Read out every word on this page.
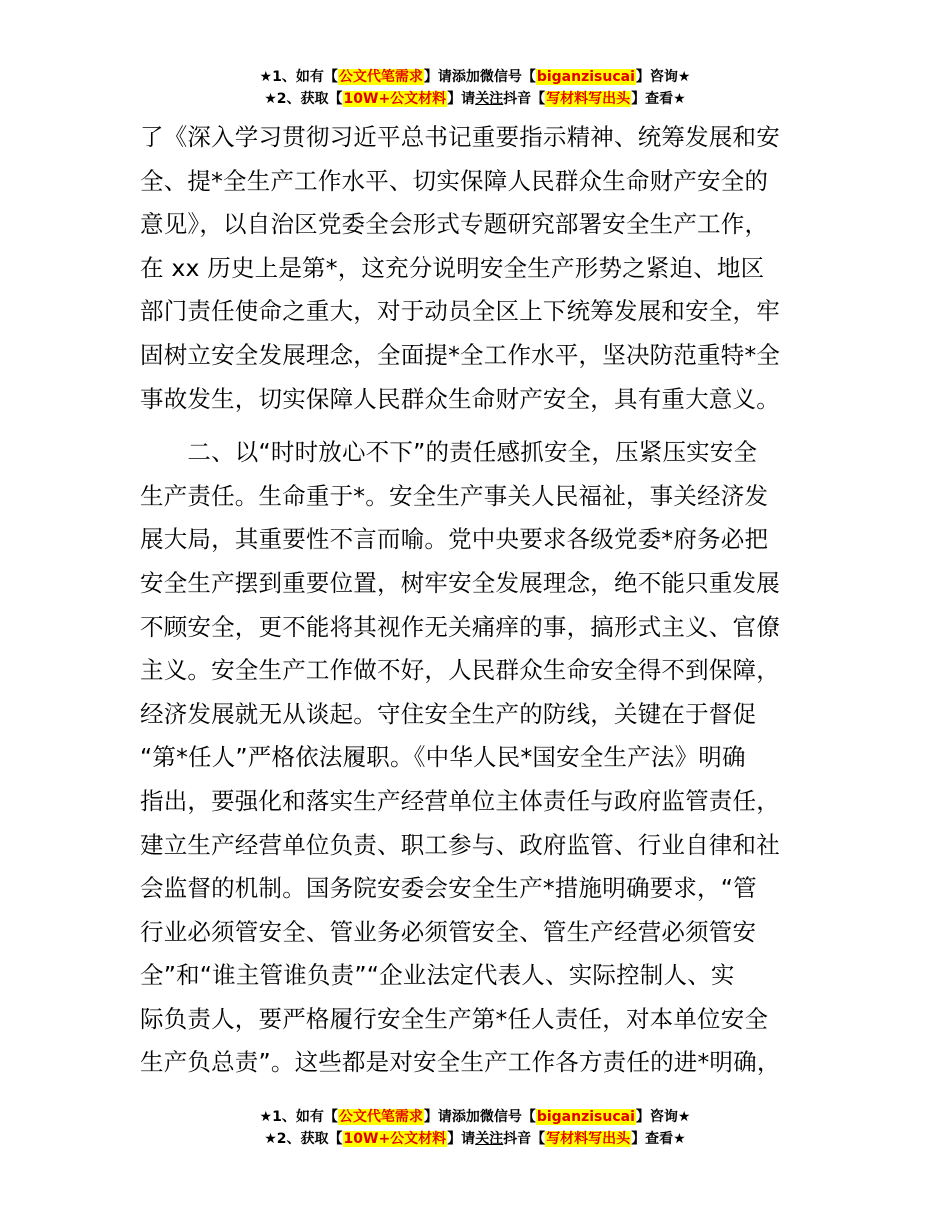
★1、如有【公文代笔需求】请添加微信号【biganzisucai】咨询★
★2、获取【10W+公文材料】请关注抖音【写材料写出头】查看★
了《深入学习贯彻习近平总书记重要指示精神、统筹发展和安
全、提*全生产工作水平、切实保障人民群众生命财产安全的
意见》，以自治区党委全会形式专题研究部署安全生产工作，
在 xx 历史上是第*，这充分说明安全生产形势之紧迫、地区
部门责任使命之重大，对于动员全区上下统筹发展和安全，牢
固树立安全发展理念，全面提*全工作水平，坚决防范重特*全
事故发生，切实保障人民群众生命财产安全，具有重大意义。
　　二、以“时时放心不下”的责任感抓安全，压紧压实安全
生产责任。生命重于*。安全生产事关人民福祉，事关经济发
展大局，其重要性不言而喻。党中央要求各级党委*府务必把
安全生产摆到重要位置，树牢安全发展理念，绝不能只重发展
不顾安全，更不能将其视作无关痛痒的事，搞形式主义、官僚
主义。安全生产工作做不好，人民群众生命安全得不到保障，
经济发展就无从谈起。守住安全生产的防线，关键在于督促
“第*任人”严格依法履职。《中华人民*国安全生产法》明确
指出，要强化和落实生产经营单位主体责任与政府监管责任，
建立生产经营单位负责、职工参与、政府监管、行业自律和社
会监督的机制。国务院安委会安全生产*措施明确要求，“管
行业必须管安全、管业务必须管安全、管生产经营必须管安
全”和“谁主管谁负责”“企业法定代表人、实际控制人、实
际负责人，要严格履行安全生产第*任人责任，对本单位安全
生产负总责”。这些都是对安全生产工作各方责任的进*明确，
★1、如有【公文代笔需求】请添加微信号【biganzisucai】咨询★
★2、获取【10W+公文材料】请关注抖音【写材料写出头】查看★
